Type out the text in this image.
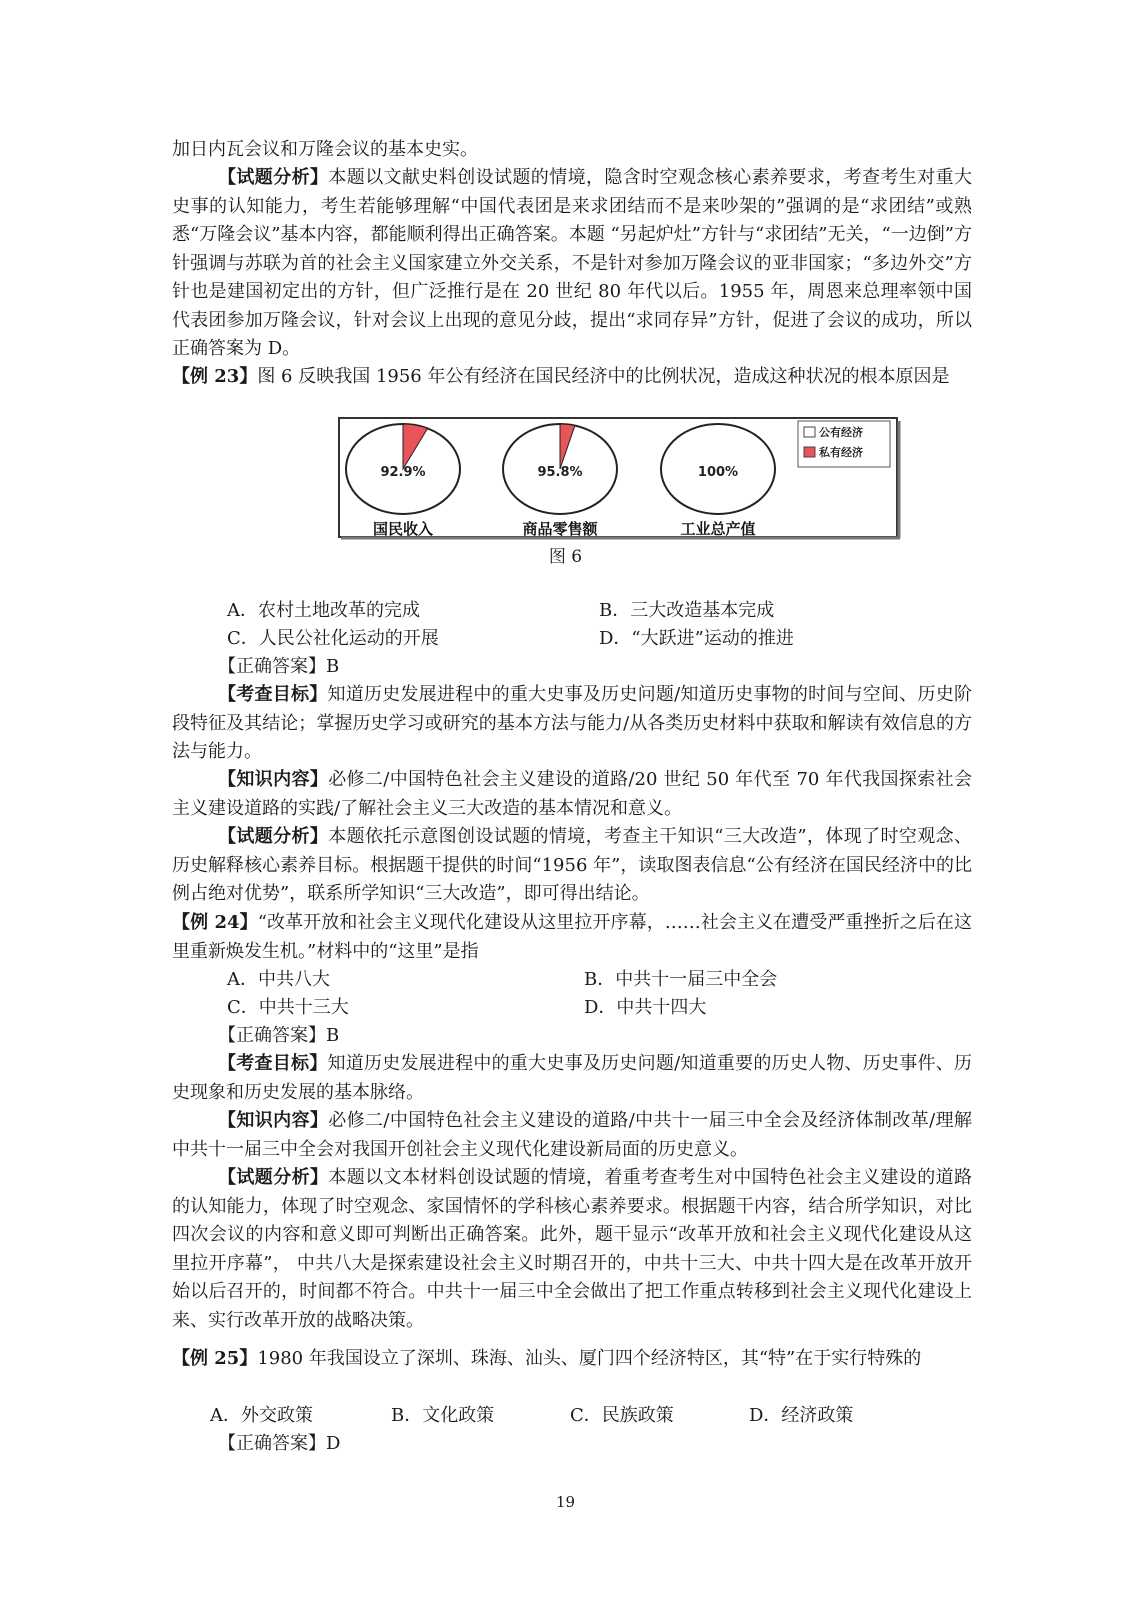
加日内瓦会议和万隆会议的基本史实。

【试题分析】本题以文献史料创设试题的情境，隐含时空观念核心素养要求，考查考生对重大史事的认知能力，考生若能够理解“中国代表团是来求团结而不是来吵架的”强调的是“求团结”或熟悉“万隆会议”基本内容，都能顺利得出正确答案。本题 “另起炉灶”方针与“求团结”无关，“一边倒”方针强调与苏联为首的社会主义国家建立外交关系，不是针对参加万隆会议的亚非国家；“多边外交”方针也是建国初定出的方针，但广泛推行是在 20 世纪 80 年代以后。1955 年，周恩来总理率领中国代表团参加万隆会议，针对会议上出现的意见分歧，提出“求同存异”方针，促进了会议的成功，所以正确答案为 D。

【例 23】图 6 反映我国 1956 年公有经济在国民经济中的比例状况，造成这种状况的根本原因是

92.9%
国民收入
95.8%
商品零售额
100%
工业总产值
公有经济
私有经济
图 6
A．农村土地改革的完成	B．三大改造基本完成
C．人民公社化运动的开展	D．“大跃进”运动的推进

【正确答案】B

【考查目标】知道历史发展进程中的重大史事及历史问题/知道历史事物的时间与空间、历史阶段特征及其结论；掌握历史学习或研究的基本方法与能力/从各类历史材料中获取和解读有效信息的方法与能力。

【知识内容】必修二/中国特色社会主义建设的道路/20 世纪 50 年代至 70 年代我国探索社会主义建设道路的实践/了解社会主义三大改造的基本情况和意义。

【试题分析】本题依托示意图创设试题的情境，考查主干知识“三大改造”，体现了时空观念、历史解释核心素养目标。根据题干提供的时间“1956 年”，读取图表信息“公有经济在国民经济中的比例占绝对优势”，联系所学知识“三大改造”，即可得出结论。

【例 24】“改革开放和社会主义现代化建设从这里拉开序幕，……社会主义在遭受严重挫折之后在这里重新焕发生机。”材料中的“这里”是指

A．中共八大	B．中共十一届三中全会
C．中共十三大	D．中共十四大

【正确答案】B

【考查目标】知道历史发展进程中的重大史事及历史问题/知道重要的历史人物、历史事件、历史现象和历史发展的基本脉络。

【知识内容】必修二/中国特色社会主义建设的道路/中共十一届三中全会及经济体制改革/理解中共十一届三中全会对我国开创社会主义现代化建设新局面的历史意义。

【试题分析】本题以文本材料创设试题的情境，着重考查考生对中国特色社会主义建设的道路的认知能力，体现了时空观念、家国情怀的学科核心素养要求。根据题干内容，结合所学知识，对比四次会议的内容和意义即可判断出正确答案。此外，题干显示“改革开放和社会主义现代化建设从这里拉开序幕”， 中共八大是探索建设社会主义时期召开的，中共十三大、中共十四大是在改革开放开始以后召开的，时间都不符合。中共十一届三中全会做出了把工作重点转移到社会主义现代化建设上来、实行改革开放的战略决策。

【例 25】1980 年我国设立了深圳、珠海、汕头、厦门四个经济特区，其“特”在于实行特殊的

A．外交政策	B．文化政策	C．民族政策	D．经济政策

【正确答案】D

19
